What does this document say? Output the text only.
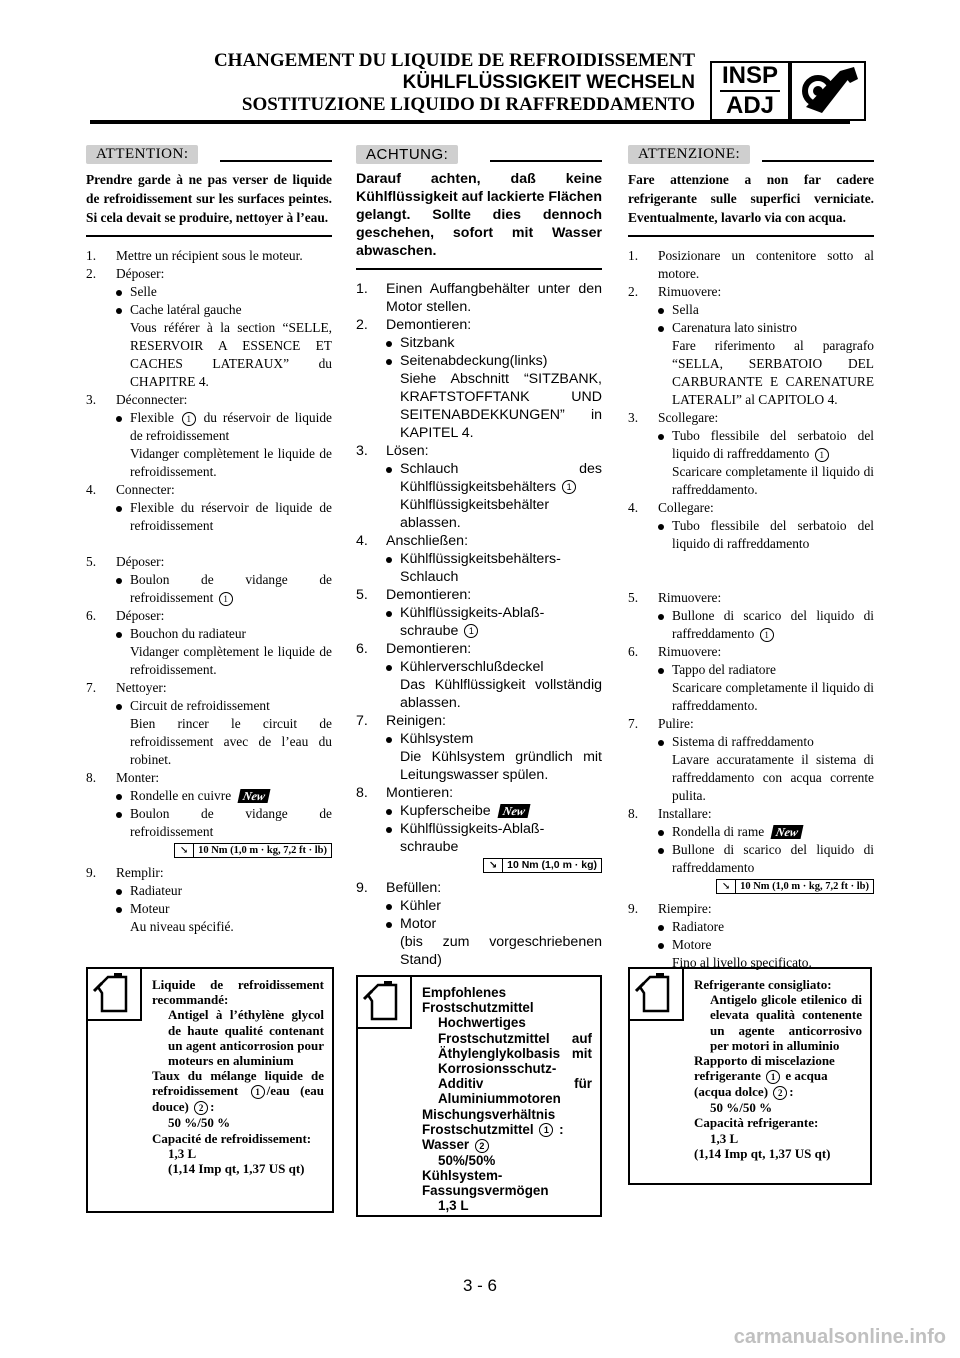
CHANGEMENT DU LIQUIDE DE REFROIDISSEMENT
KÜHLFLÜSSIGKEIT WECHSELN
SOSTITUZIONE LIQUIDO DI RAFFREDDAMENTO
INSP
ADJ
ATTENTION:
Prendre garde à ne pas verser de liquide de refroidissement sur les surfaces peintes. Si cela devait se produire, nettoyer à l’eau.
1. Mettre un récipient sous le moteur.
2. Déposer:
Selle
Cache latéral gauche
Vous référer à la section “SELLE, RESERVOIR A ESSENCE ET CACHES LATERAUX” du CHAPITRE 4.
3. Déconnecter:
Flexible 1 du réservoir de liquide de refroidissement
Vidanger complètement le liquide de refroidissement.
4. Connecter:
Flexible du réservoir de liquide de refroidissement
5. Déposer:
Boulon de vidange de refroidissement 1
6. Déposer:
Bouchon du radiateur
Vidanger complètement le liquide de refroidissement.
7. Nettoyer:
Circuit de refroidissement
Bien rincer le circuit de refroidissement avec de l’eau du robinet.
8. Monter:
Rondelle en cuivre New
Boulon de vidange de refroidissement
↘ 10 Nm (1,0 m · kg, 7,2 ft · lb)
9. Remplir:
Radiateur
Moteur
Au niveau spécifié.
Liquide de refroidissement recommandé:
Antigel à l’éthylène glycol de haute qualité contenant un agent anticorrosion pour moteurs en aluminium
Taux du mélange liquide de refroidissement 1 /eau (eau douce) 2 :
50 %/50 %
Capacité de refroidissement:
1,3 L
(1,14 Imp qt, 1,37 US qt)
ACHTUNG:
Darauf achten, daß keine Kühlflüssigkeit auf lackierte Flächen gelangt. Sollte dies dennoch geschehen, sofort mit Wasser abwaschen.
1. Einen Auffangbehälter unter den Motor stellen.
2. Demontieren:
Sitzbank
Seitenabdeckung(links)
Siehe Abschnitt “SITZBANK, KRAFTSTOFFTANK UND SEITENABDEKKUNGEN” in KAPITEL 4.
3. Lösen:
Schlauch des Kühlflüssigkeitsbehälters 1
Kühlflüssigkeitsbehälter ablassen.
4. Anschließen:
Kühlflüssigkeitsbehälters-Schlauch
5. Demontieren:
Kühlflüssigkeits-Ablaß-schraube 1
6. Demontieren:
Kühlerverschlußdeckel
Das Kühlflüssigkeit vollständig ablassen.
7. Reinigen:
Kühlsystem
Die Kühlsystem gründlich mit Leitungswasser spülen.
8. Montieren:
Kupferscheibe New
Kühlflüssigkeits-Ablaß-schraube
↘ 10 Nm (1,0 m · kg)
9. Befüllen:
Kühler
Motor
(bis zum vorgeschriebenen Stand)
Empfohlenes Frostschutzmittel
Hochwertiges Frostschutzmittel auf Äthylenglykolbasis mit Korrosionsschutz-Additiv für Aluminiummotoren
Mischungsverhältnis
Frostschutzmittel 1 :
Wasser 2
50%/50%
Kühlsystem-Fassungsvermögen
1,3 L
ATTENZIONE:
Fare attenzione a non far cadere refrigerante sulle superfici verniciate. Eventualmente, lavarlo via con acqua.
1. Posizionare un contenitore sotto al motore.
2. Rimuovere:
Sella
Carenatura lato sinistro
Fare riferimento al paragrafo “SELLA, SERBATOIO DEL CARBURANTE E CARENATURE LATERALI” al CAPITOLO 4.
3. Scollegare:
Tubo flessibile del serbatoio del liquido di raffreddamento 1
Scaricare completamente il liquido di raffreddamento.
4. Collegare:
Tubo flessibile del serbatoio del liquido di raffreddamento
5. Rimuovere:
Bullone di scarico del liquido di raffreddamento 1
6. Rimuovere:
Tappo del radiatore
Scaricare completamente il liquido di raffreddamento.
7. Pulire:
Sistema di raffreddamento
Lavare accuratamente il sistema di raffreddamento con acqua corrente pulita.
8. Installare:
Rondella di rame New
Bullone di scarico del liquido di raffreddamento
↘ 10 Nm (1,0 m · kg, 7,2 ft · lb)
9. Riempire:
Radiatore
Motore
Fino al livello specificato.
Refrigerante consigliato:
Antigelo glicole etilenico di elevata qualità contenente un agente anticorrosivo per motori in alluminio
Rapporto di miscelazione
refrigerante 1 e acqua
(acqua dolce) 2 :
50 %/50 %
Capacità refrigerante:
1,3 L
(1,14 Imp qt, 1,37 US qt)
3 - 6
carmanualsonline.info
